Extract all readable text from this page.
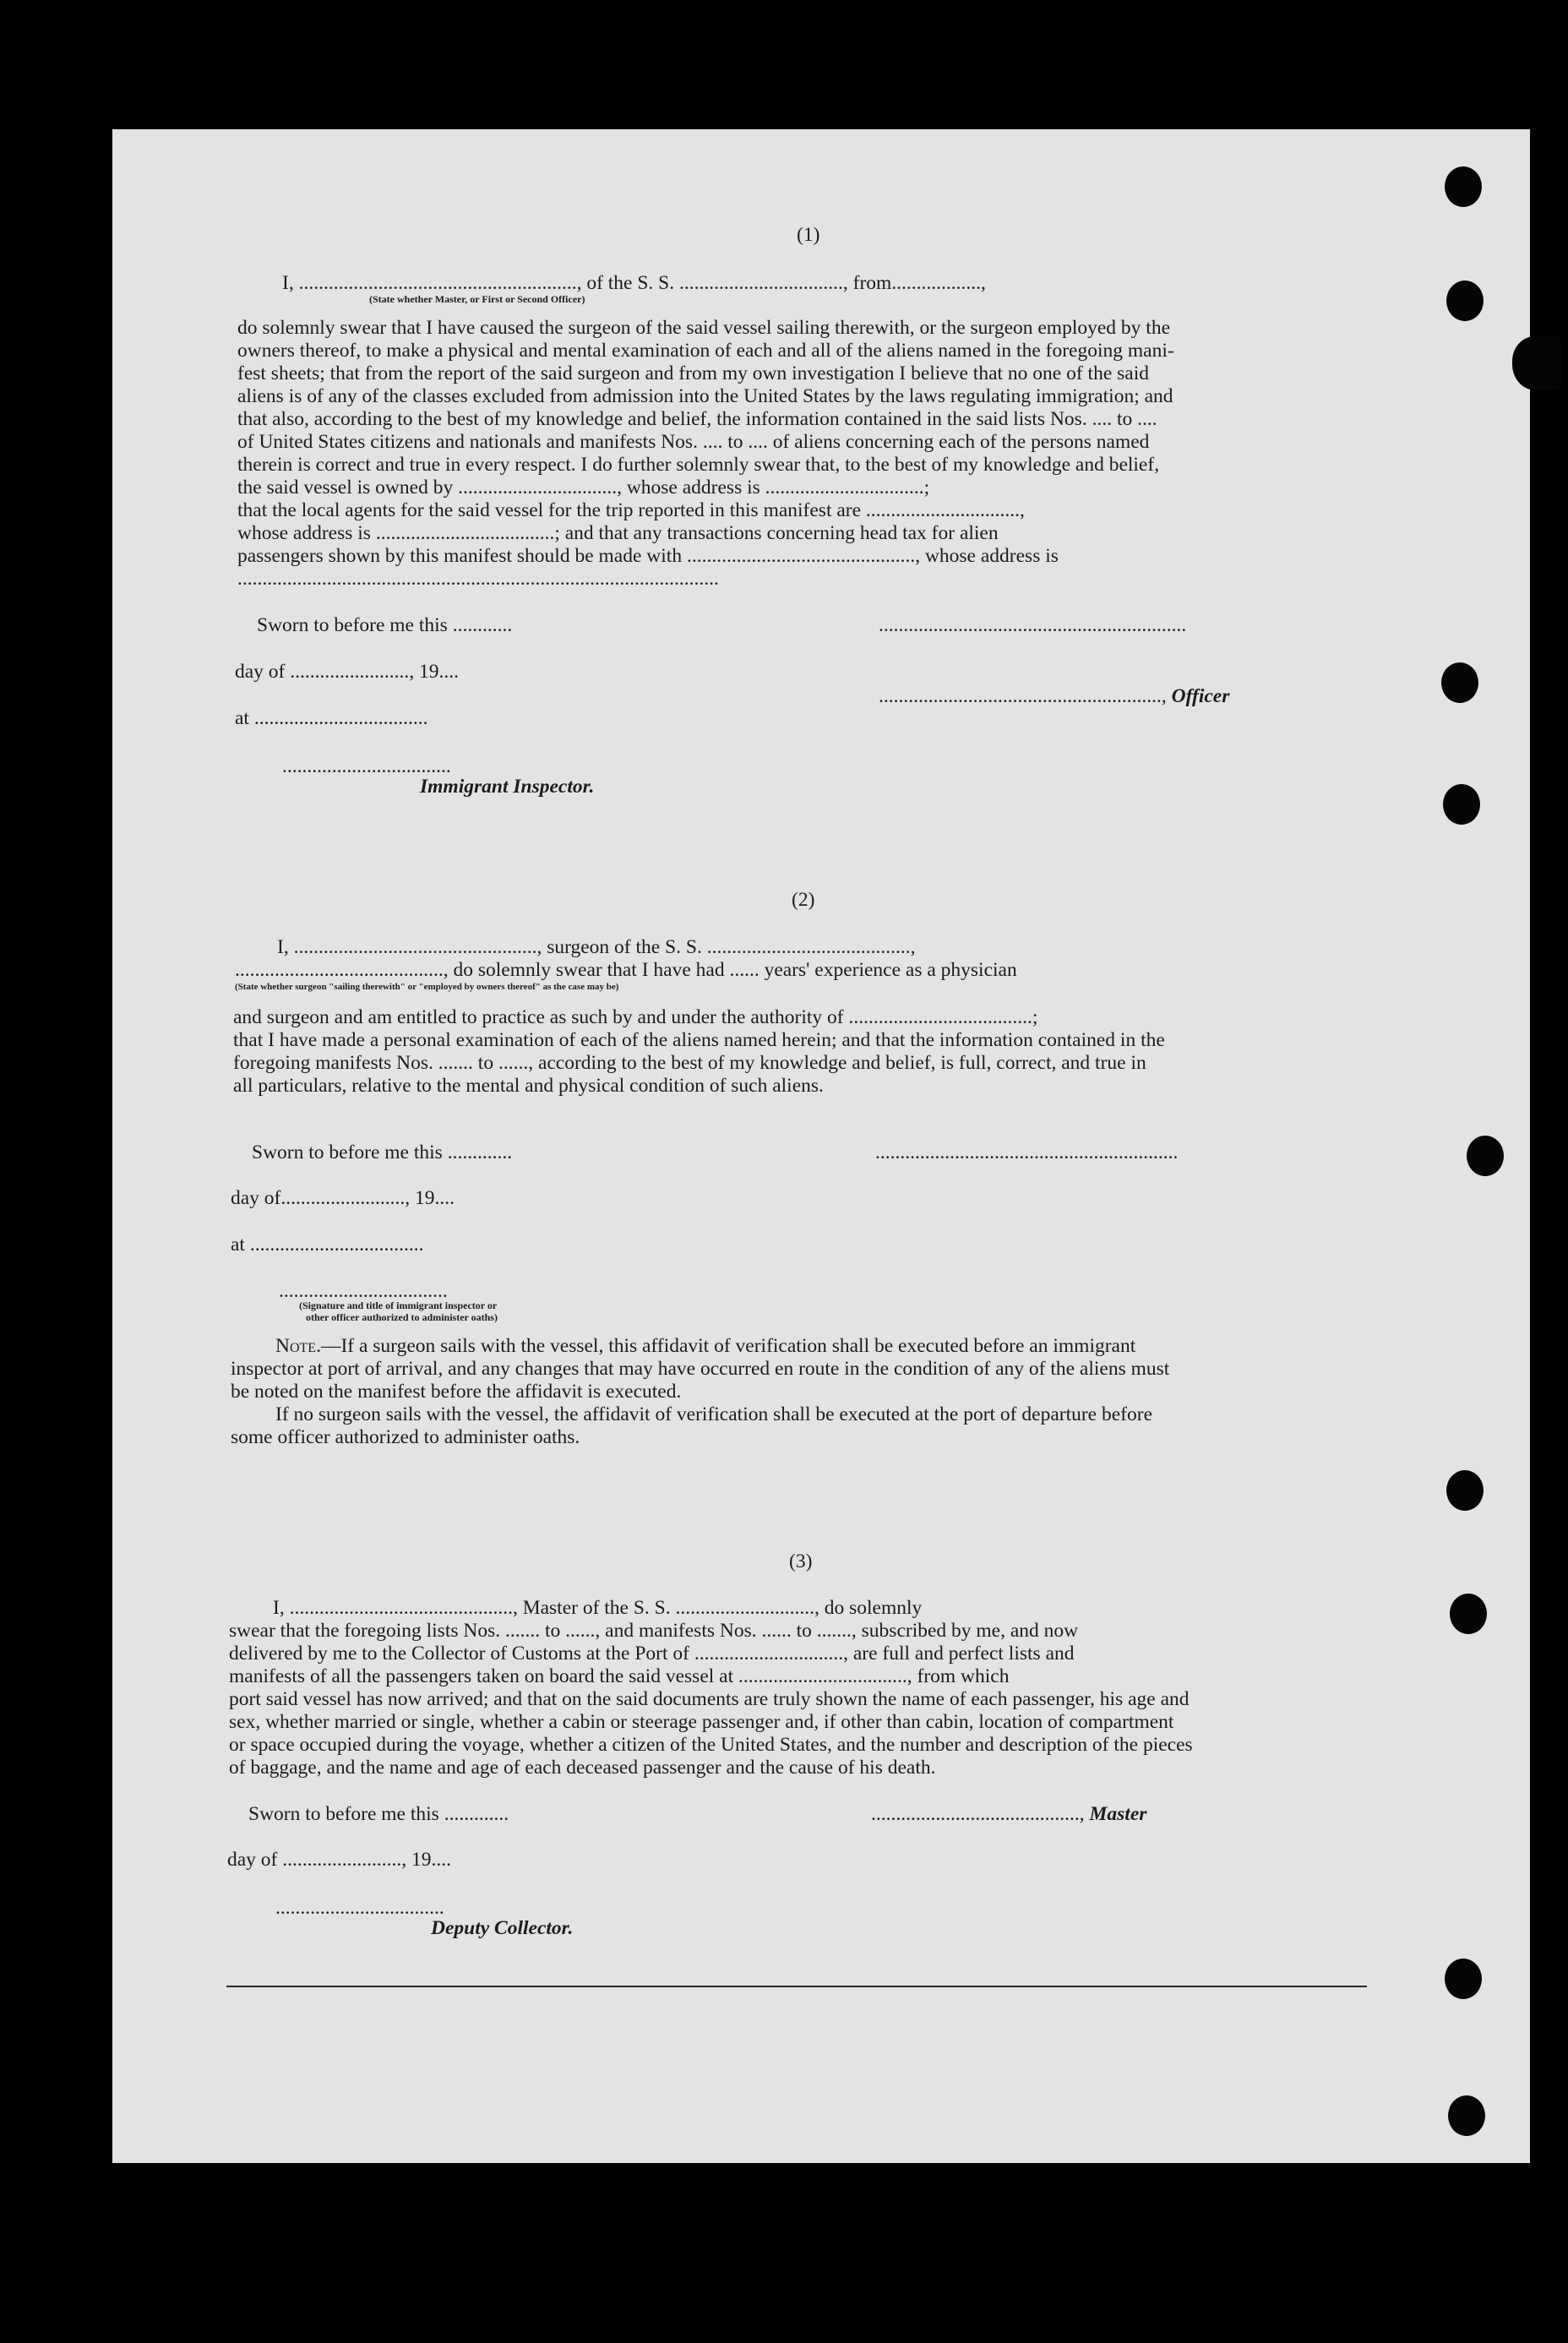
(1)
I, ........................................................, of the S. S. ................................., from..................,
(State whether Master, or First or Second Officer)
do solemnly swear that I have caused the surgeon of the said vessel sailing therewith, or the surgeon employed by the
owners thereof, to make a physical and mental examination of each and all of the aliens named in the foregoing mani-
fest sheets; that from the report of the said surgeon and from my own investigation I believe that no one of the said
aliens is of any of the classes excluded from admission into the United States by the laws regulating immigration; and
that also, according to the best of my knowledge and belief, the information contained in the said lists Nos. .... to ....
of United States citizens and nationals and manifests Nos. .... to .... of aliens concerning each of the persons named
therein is correct and true in every respect. I do further solemnly swear that, to the best of my knowledge and belief,
the said vessel is owned by ................................, whose address is ................................;
that the local agents for the said vessel for the trip reported in this manifest are ...............................,
whose address is ....................................; and that any transactions concerning head tax for alien
passengers shown by this manifest should be made with .............................................., whose address is
.................................................................................................
Sworn to before me this ............	..............................................................
day of ........................, 19....
........................................................., Officer
at ...................................
..................................
Immigrant Inspector.
(2)
I, ................................................., surgeon of the S. S. .........................................,
.........................................., do solemnly swear that I have had ...... years' experience as a physician
(State whether surgeon "sailing therewith" or "employed by owners thereof" as the case may be)
and surgeon and am entitled to practice as such by and under the authority of .....................................;
that I have made a personal examination of each of the aliens named herein; and that the information contained in the
foregoing manifests Nos. ....... to ......, according to the best of my knowledge and belief, is full, correct, and true in
all particulars, relative to the mental and physical condition of such aliens.
Sworn to before me this .............	.............................................................
day of........................., 19....
at ...................................
..................................
(Signature and title of immigrant inspector or
other officer authorized to administer oaths)
Note.—If a surgeon sails with the vessel, this affidavit of verification shall be executed before an immigrant
inspector at port of arrival, and any changes that may have occurred en route in the condition of any of the aliens must
be noted on the manifest before the affidavit is executed.
If no surgeon sails with the vessel, the affidavit of verification shall be executed at the port of departure before
some officer authorized to administer oaths.
(3)
I, ............................................., Master of the S. S. ............................, do solemnly
swear that the foregoing lists Nos. ....... to ......, and manifests Nos. ...... to ......., subscribed by me, and now
delivered by me to the Collector of Customs at the Port of .............................., are full and perfect lists and
manifests of all the passengers taken on board the said vessel at .................................., from which
port said vessel has now arrived; and that on the said documents are truly shown the name of each passenger, his age and
sex, whether married or single, whether a cabin or steerage passenger and, if other than cabin, location of compartment
or space occupied during the voyage, whether a citizen of the United States, and the number and description of the pieces
of baggage, and the name and age of each deceased passenger and the cause of his death.
Sworn to before me this .............	.........................................., Master
day of ........................, 19....
..................................
Deputy Collector.
